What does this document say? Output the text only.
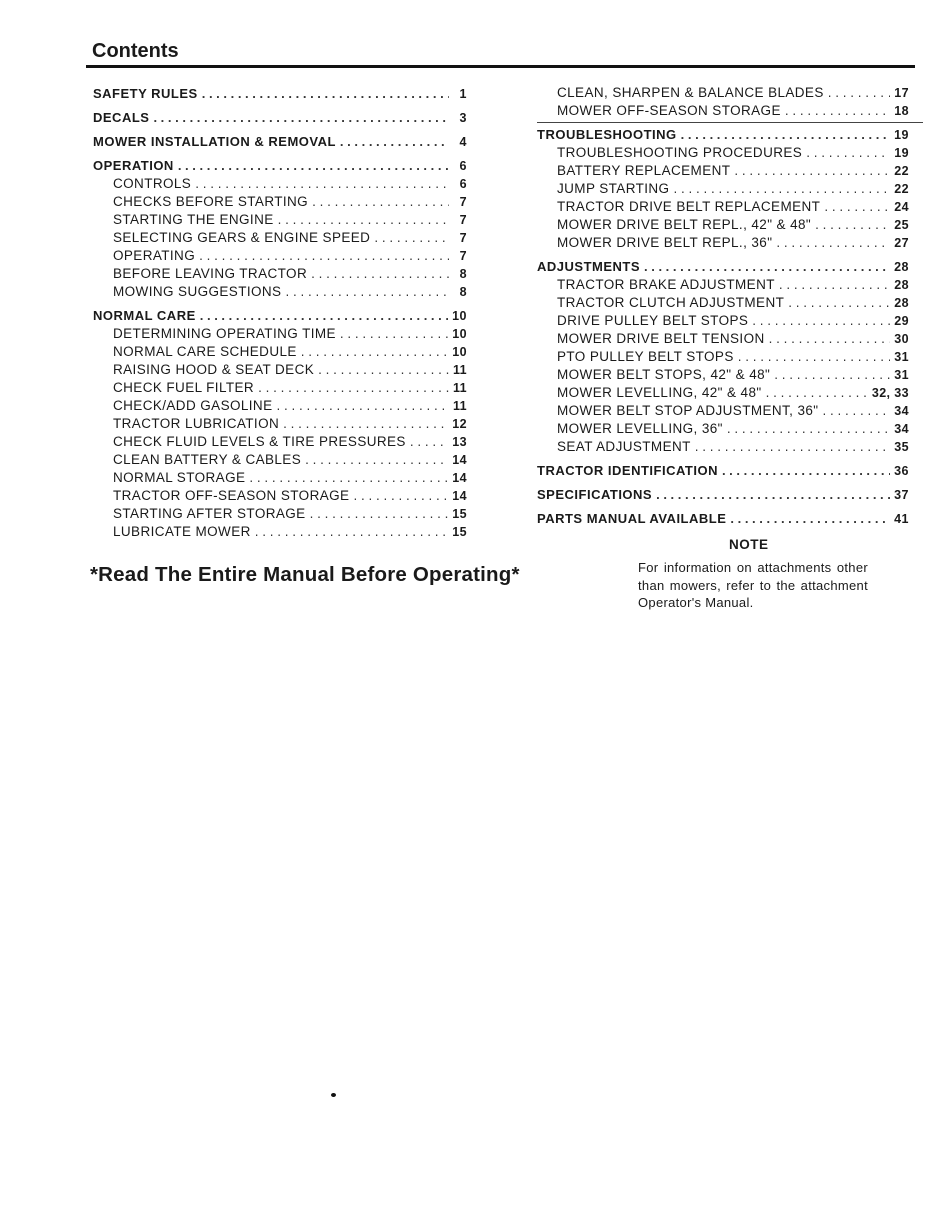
Contents
SAFETY RULES . . .	1
DECALS . . .	3
MOWER INSTALLATION & REMOVAL . . .	4
OPERATION . . .	6
CONTROLS . . .	6
CHECKS BEFORE STARTING . . .	7
STARTING THE ENGINE . . .	7
SELECTING GEARS & ENGINE SPEED . . .	7
OPERATING . . .	7
BEFORE LEAVING TRACTOR . . .	8
MOWING SUGGESTIONS . . .	8
NORMAL CARE . . .	10
DETERMINING OPERATING TIME . . .	10
NORMAL CARE SCHEDULE . . .	10
RAISING HOOD & SEAT DECK . . .	11
CHECK FUEL FILTER . . .	11
CHECK/ADD GASOLINE . . .	11
TRACTOR LUBRICATION . . .	12
CHECK FLUID LEVELS & TIRE PRESSURES . . .	13
CLEAN BATTERY & CABLES . . .	14
NORMAL STORAGE . . .	14
TRACTOR OFF-SEASON STORAGE . . .	14
STARTING AFTER STORAGE . . .	15
LUBRICATE MOWER . . .	15
CLEAN, SHARPEN & BALANCE BLADES . . .	17
MOWER OFF-SEASON STORAGE . . .	18
TROUBLESHOOTING . . .	19
TROUBLESHOOTING PROCEDURES . . .	19
BATTERY REPLACEMENT . . .	22
JUMP STARTING . . .	22
TRACTOR DRIVE BELT REPLACEMENT . . .	24
MOWER DRIVE BELT REPL., 42" & 48" . . .	25
MOWER DRIVE BELT REPL., 36" . . .	27
ADJUSTMENTS . . .	28
TRACTOR BRAKE ADJUSTMENT . . .	28
TRACTOR CLUTCH ADJUSTMENT . . .	28
DRIVE PULLEY BELT STOPS . . .	29
MOWER DRIVE BELT TENSION . . .	30
PTO PULLEY BELT STOPS . . .	31
MOWER BELT STOPS, 42" & 48" . . .	31
MOWER LEVELLING, 42" & 48" . . .	32, 33
MOWER BELT STOP ADJUSTMENT, 36" . . .	34
MOWER LEVELLING, 36" . . .	34
SEAT ADJUSTMENT . . .	35
TRACTOR IDENTIFICATION . . .	36
SPECIFICATIONS . . .	37
PARTS MANUAL AVAILABLE . . .	41
*Read The Entire Manual Before Operating*
NOTE
For information on attachments other than mowers, refer to the attachment Operator's Manual.
